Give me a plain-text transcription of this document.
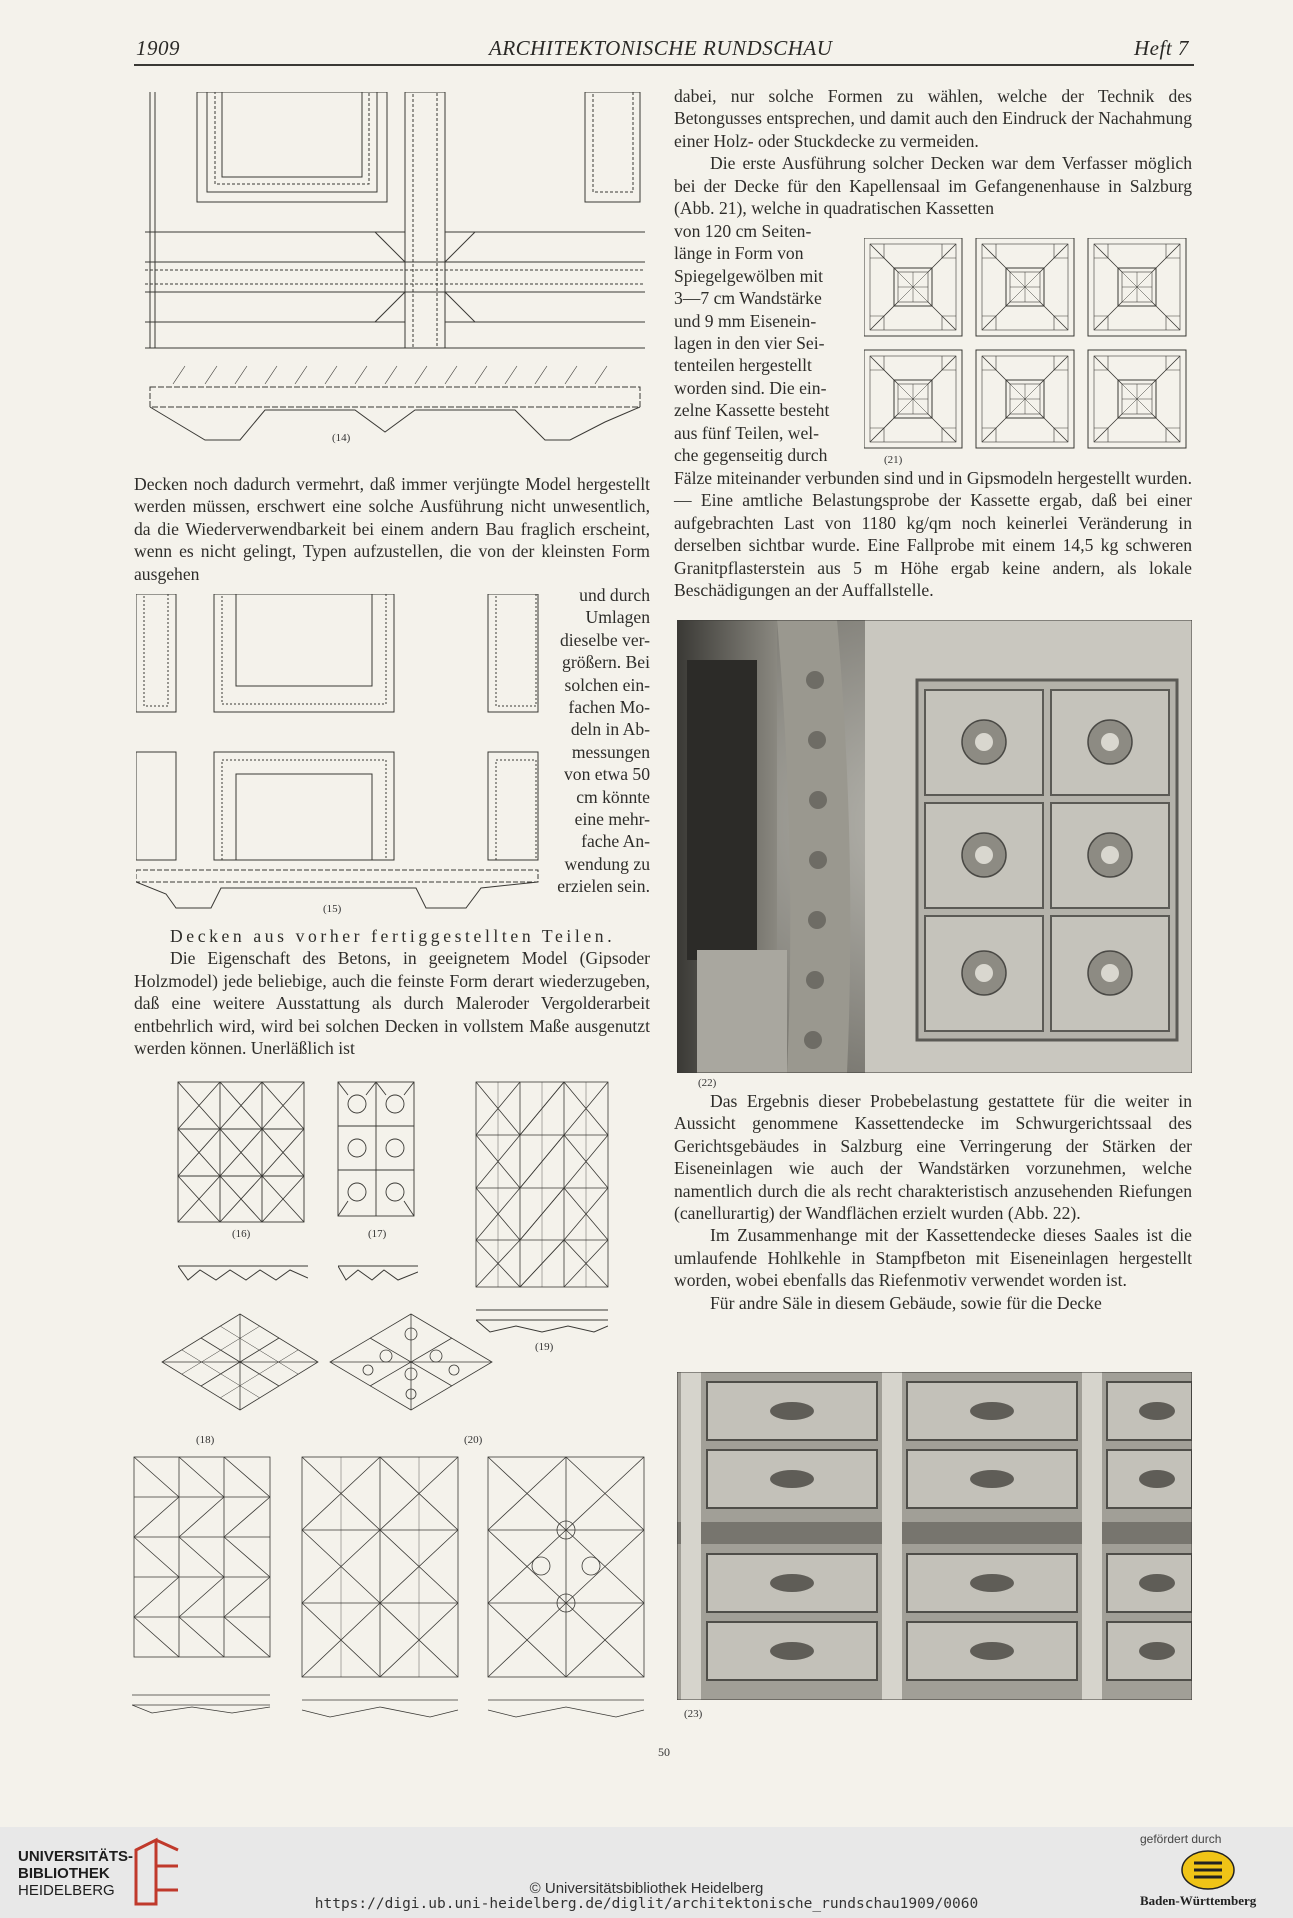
1909	ARCHITEKTONISCHE RUNDSCHAU	Heft 7
(14)

Decken noch dadurch vermehrt, daß immer verjüngte Model hergestellt werden müssen, erschwert eine solche Ausführung nicht unwesentlich, da die Wiederverwendbarkeit bei einem andern Bau fraglich erscheint, wenn es nicht gelingt, Typen aufzustellen, die von der kleinsten Form ausgehen

(15)
und durch
Umlagen
dieselbe ver-
größern. Bei
solchen ein-
fachen Mo-
deln in Ab-
messungen
von etwa 50
cm könnte
eine mehr-
fache An-
wendung zu
erzielen sein.

Decken aus vorher fertiggestellten Teilen.

Die Eigenschaft des Betons, in geeignetem Model (Gipsoder Holzmodel) jede beliebige, auch die feinste Form derart wiederzugeben, daß eine weitere Ausstattung als durch Maleroder Vergolderarbeit entbehrlich wird, wird bei solchen Decken in vollstem Maße ausgenutzt werden können. Unerläßlich ist

(16)	(17)
(19)
(18)	(20)

dabei, nur solche Formen zu wählen, welche der Technik des Betongusses entsprechen, und damit auch den Eindruck der Nachahmung einer Holz- oder Stuckdecke zu vermeiden.

Die erste Ausführung solcher Decken war dem Verfasser möglich bei der Decke für den Kapellensaal im Gefangenenhause in Salzburg (Abb. 21), welche in quadratischen Kassetten

von 120 cm Seiten-
länge in Form von
Spiegelgewölben mit
3—7 cm Wandstärke
und 9 mm Eisenein-
lagen in den vier Sei-
tenteilen hergestellt
worden sind. Die ein-
zelne Kassette besteht
aus fünf Teilen, wel-
che gegenseitig durch	(21)

Fälze miteinander verbunden sind und in Gipsmodeln hergestellt wurden.— Eine amtliche Belastungsprobe der Kassette ergab, daß bei einer aufgebrachten Last von 1180 kg/qm noch keinerlei Veränderung in derselben sichtbar wurde. Eine Fallprobe mit einem 14,5 kg schweren Granitpflasterstein aus 5 m Höhe ergab keine andern, als lokale Beschädigungen an der Auffallstelle.

(22)

Das Ergebnis dieser Probebelastung gestattete für die weiter in Aussicht genommene Kassettendecke im Schwurgerichtssaal des Gerichtsgebäudes in Salzburg eine Verringerung der Stärken der Eiseneinlagen wie auch der Wandstärken vorzunehmen, welche namentlich durch die als recht charakteristisch anzusehenden Riefungen (canellurartig) der Wandflächen erzielt wurden (Abb. 22).

Im Zusammenhange mit der Kassettendecke dieses Saales ist die umlaufende Hohlkehle in Stampfbeton mit Eiseneinlagen hergestellt worden, wobei ebenfalls das Riefenmotiv verwendet worden ist.

Für andre Säle in diesem Gebäude, sowie für die Decke

(23)
50
UNIVERSITÄTS-
BIBLIOTHEK
HEIDELBERG	© Universitätsbibliothek Heidelberg
https://digi.ub.uni-heidelberg.de/diglit/architektonische_rundschau1909/0060
gefördert durch
Baden-Württemberg
